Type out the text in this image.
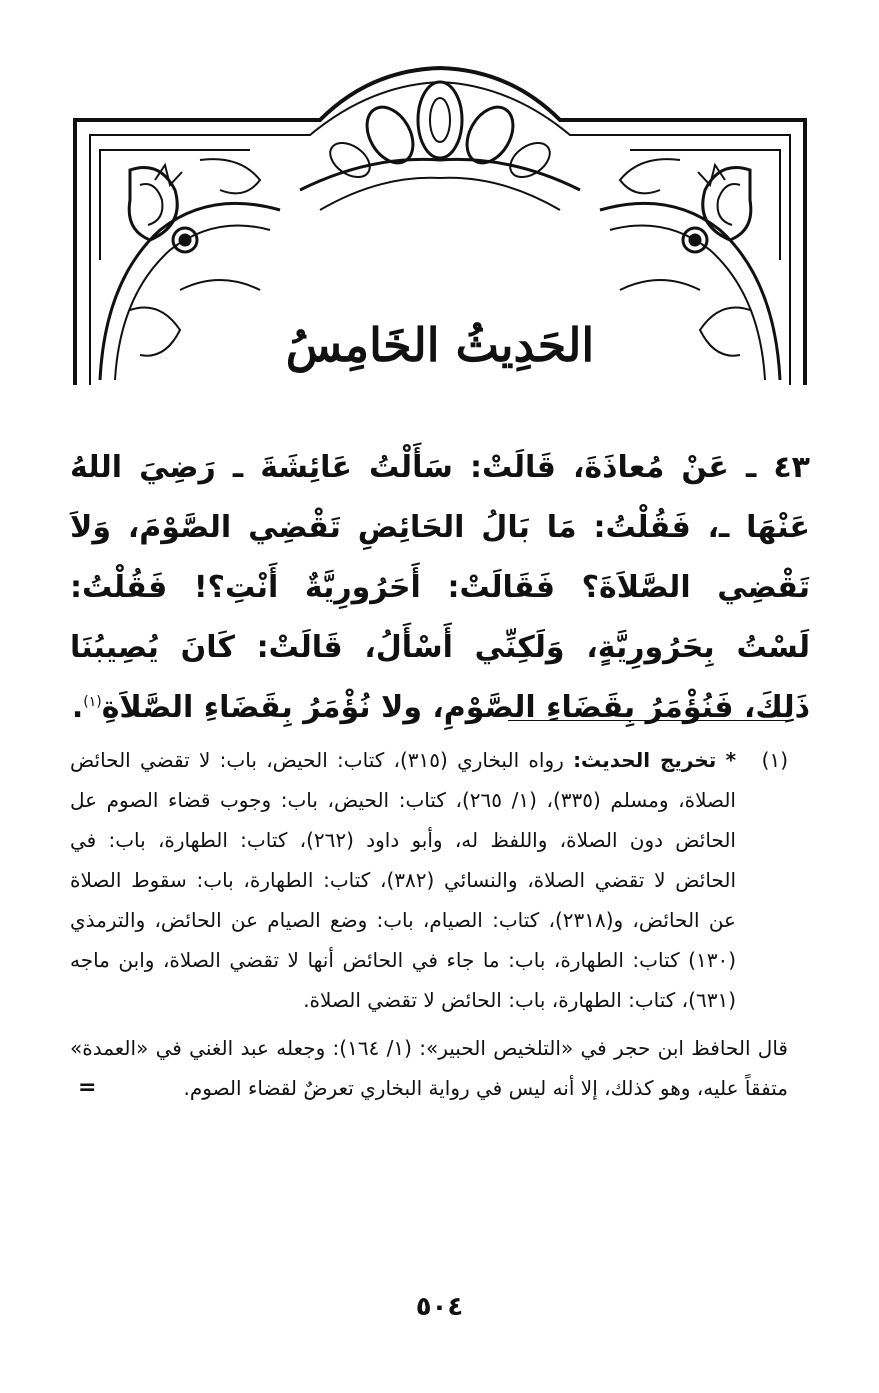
الحَدِيثُ الخَامِسُ

٤٣ ـ عَنْ مُعاذَةَ، قَالَتْ: سَأَلْتُ عَائِشَةَ ـ رَضِيَ اللهُ عَنْهَا ـ، فَقُلْتُ: مَا بَالُ الحَائِضِ تَقْضِي الصَّوْمَ، وَلاَ تَقْضِي الصَّلاَةَ؟ فَقَالَتْ: أَحَرُورِيَّةٌ أَنْتِ؟! فَقُلْتُ: لَسْتُ بِحَرُورِيَّةٍ، وَلَكِنِّي أَسْأَلُ، قَالَتْ: كَانَ يُصِيبُنَا ذَلِكَ، فَنُؤْمَرُ بِقَضَاءِ الصَّوْمِ، ولا نُؤْمَرُ بِقَضَاءِ الصَّلاَةِ$^{(١)}$.

(١)
* تخريج الحديث: رواه البخاري (٣١٥)، كتاب: الحيض، باب: لا تقضي الحائض الصلاة، ومسلم (٣٣٥)، (١/ ٢٦٥)، كتاب: الحيض، باب: وجوب قضاء الصوم عل الحائض دون الصلاة، واللفظ له، وأبو داود (٢٦٢)، كتاب: الطهارة، باب: في الحائض لا تقضي الصلاة، والنسائي (٣٨٢)، كتاب: الطهارة، باب: سقوط الصلاة عن الحائض، و(٢٣١٨)، كتاب: الصيام، باب: وضع الصيام عن الحائض، والترمذي (١٣٠) كتاب: الطهارة، باب: ما جاء في الحائض أنها لا تقضي الصلاة، وابن ماجه (٦٣١)، كتاب: الطهارة، باب: الحائض لا تقضي الصلاة.
قال الحافظ ابن حجر في «التلخيص الحبير»: (١/ ١٦٤): وجعله عبد الغني في «العمدة» متفقاً عليه، وهو كذلك، إلا أنه ليس في رواية البخاري تعرضٌ لقضاء الصوم.
=
٥٠٤
